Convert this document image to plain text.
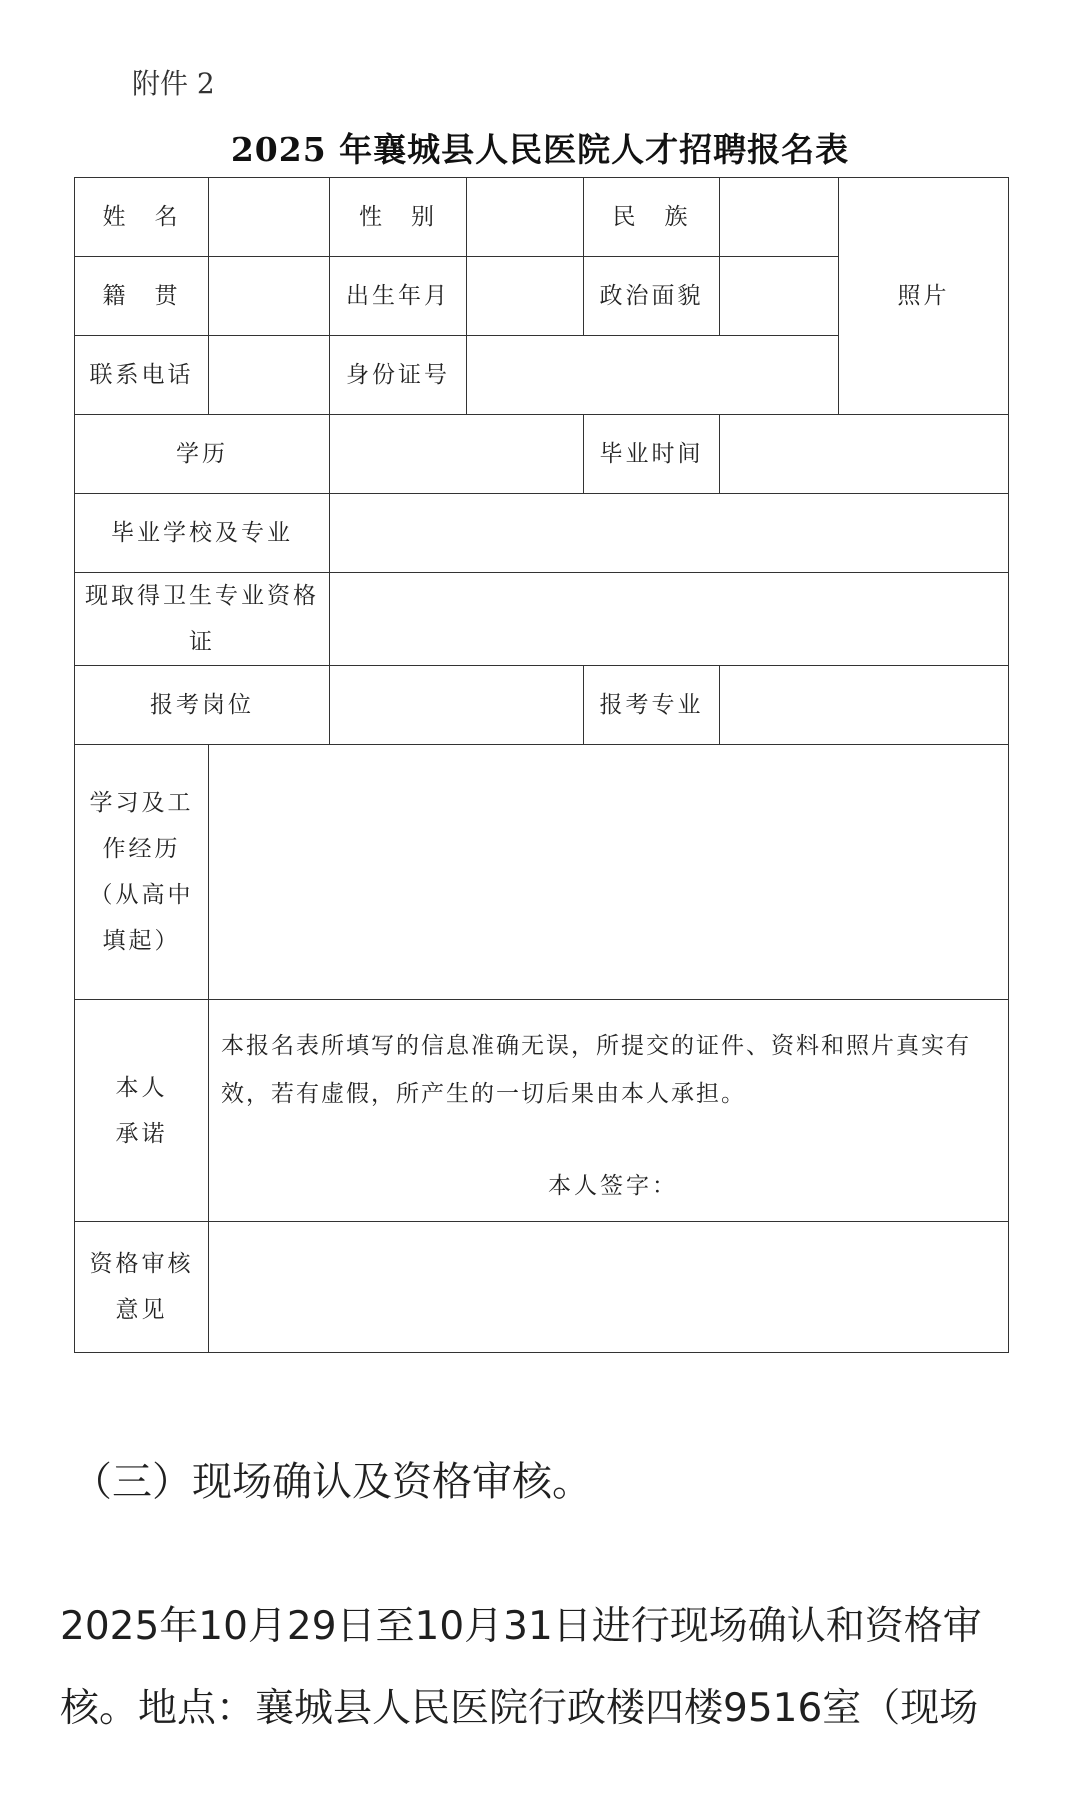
附件 2
2025 年襄城县人民医院人才招聘报名表
姓　名		性　别		民　族		照片
籍　贯		出生年月		政治面貌		
联系电话		身份证号				
学历				毕业时间		
毕业学校及专业						
现取得卫生专业资格证						
报考岗位				报考专业		
学习及工作经历（从高中填起）						
本人承诺	本报名表所填写的信息准确无误，所提交的证件、资料和照片真实有效，若有虚假，所产生的一切后果由本人承担。
本人签字：					

资格审核意见						
（三）现场确认及资格审核。
2025年10月29日至10月31日进行现场确认和资格审
核。地点：襄城县人民医院行政楼四楼9516室（现场
